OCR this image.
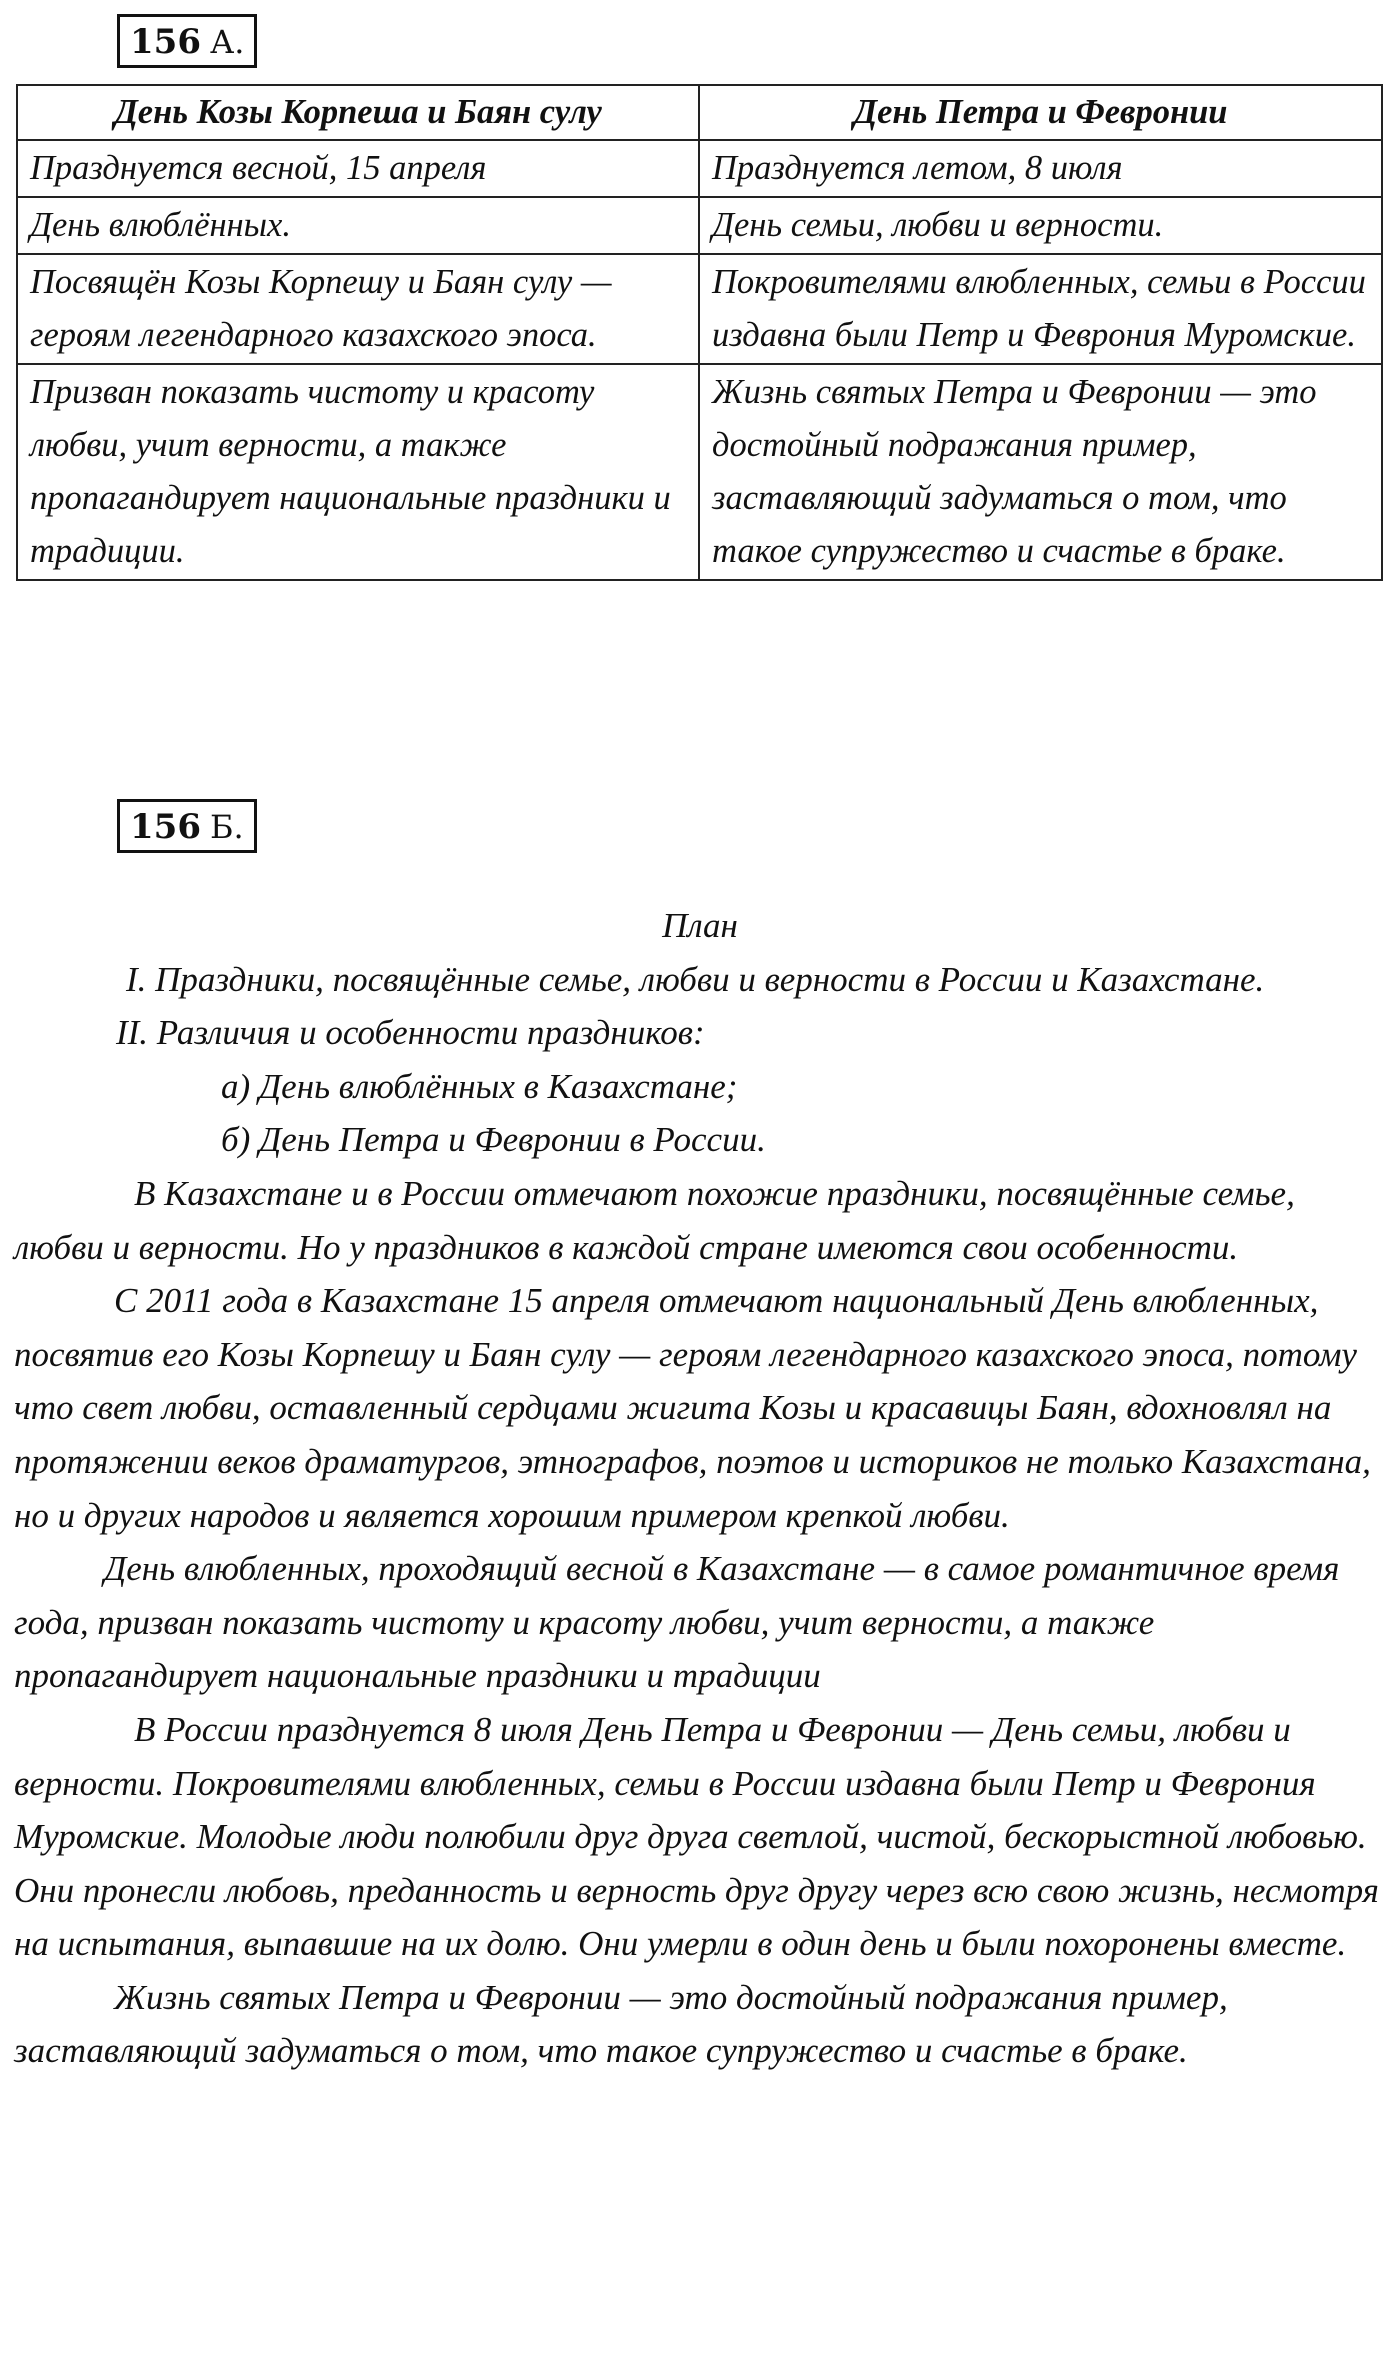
156 А.
День Козы Корпеша и Баян сулу	День Петра и Февронии
Празднуется весной, 15 апреля	Празднуется летом, 8 июля
День влюблённых.	День семьи, любви и верности.
Посвящён Козы Корпешу и Баян сулу — героям легендарного казахского эпоса.	Покровителями влюбленных, семьи в России издавна были Петр и Феврония Муромские.
Призван показать чистоту и красоту любви, учит верности, а также пропагандирует национальные праздники и традиции.	Жизнь святых Петра и Февронии — это достойный подражания пример, заставляющий задуматься о том, что такое супружество и счастье в браке.
156 Б.

План

I. Праздники, посвящённые семье, любви и верности в России и Казахстане.

II. Различия и особенности праздников:

а) День влюблённых в Казахстане;

б) День Петра и Февронии в России.

В Казахстане и в России отмечают похожие праздники, посвящённые семье, любви и верности. Но у праздников в каждой стране имеются свои особенности.

С 2011 года в Казахстане 15 апреля отмечают национальный День влюбленных, посвятив его Козы Корпешу и Баян сулу — героям легендарного казахского эпоса, потому что свет любви, оставленный сердцами жигита Козы и красавицы Баян, вдохновлял на протяжении веков драматургов, этнографов, поэтов и историков не только Казахстана, но и других народов и является хорошим примером крепкой любви.

День влюбленных, проходящий весной в Казахстане — в самое романтичное время года, призван показать чистоту и красоту любви, учит верности, а также пропагандирует национальные праздники и традиции

В России празднуется 8 июля День Петра и Февронии — День семьи, любви и верности. Покровителями влюбленных, семьи в России издавна были Петр и Феврония Муромские. Молодые люди полюбили друг друга светлой, чистой, бескорыстной любовью. Они пронесли любовь, преданность и верность друг другу через всю свою жизнь, несмотря на испытания, выпавшие на их долю. Они умерли в один день и были похоронены вместе.

Жизнь святых Петра и Февронии — это достойный подражания пример, заставляющий задуматься о том, что такое супружество и счастье в браке.
